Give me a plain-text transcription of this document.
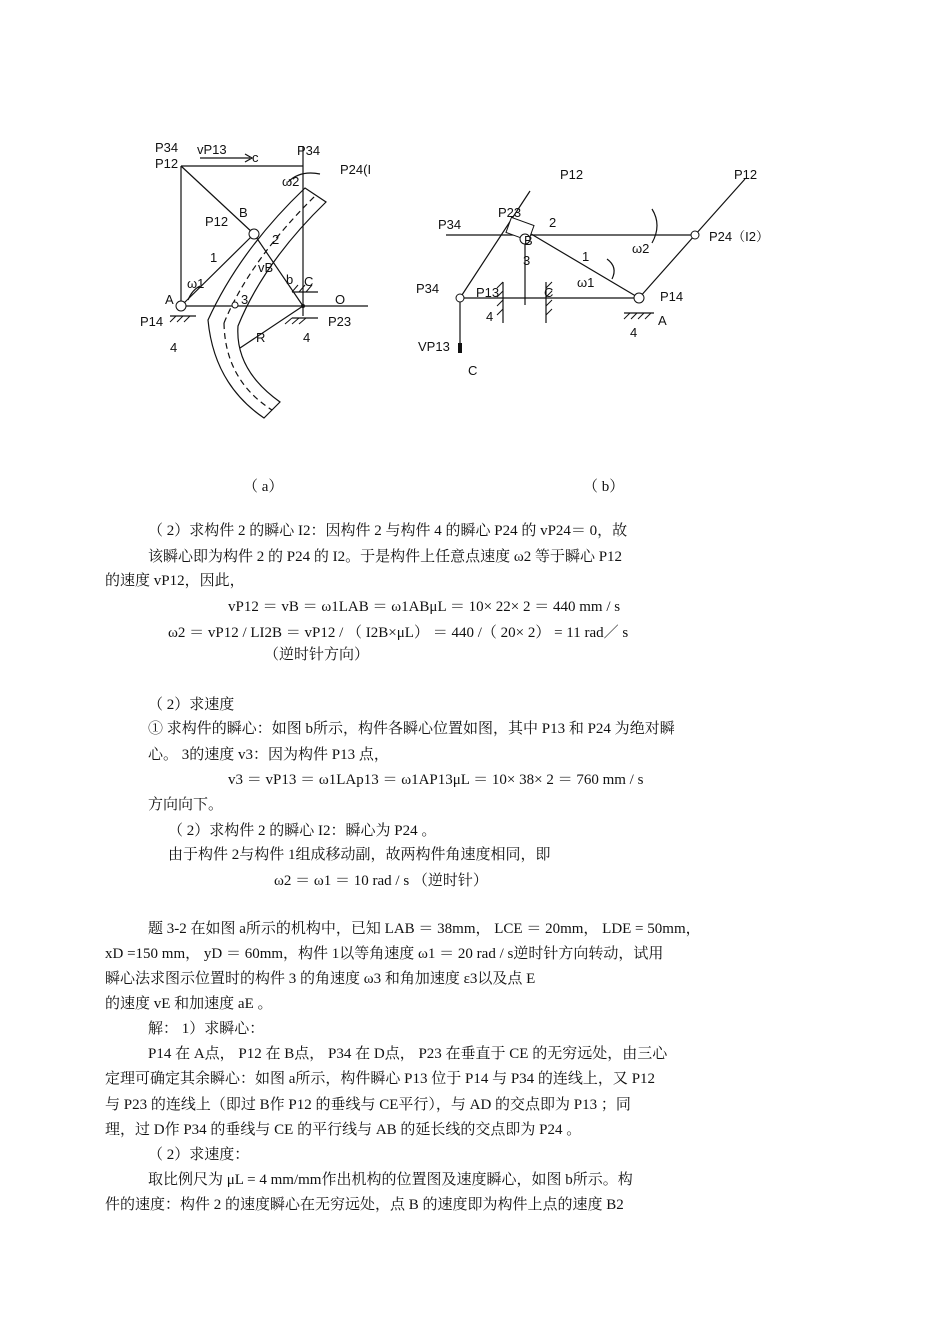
P34
P12
vP13
c	P34
P24(I
ω2
P12
B
2
1
vB
b C
ω1
A	3	O
P14	P23
R
4
4
P12	P12
P23
2
P34
B
3
ω2
P24（I2）
1
ω1
P34	P13	C	P14
A
4
4
VP13
C
（ a）	（ b）
（ 2）求构件 2 的瞬心 I2：因构件 2 与构件 4 的瞬心 P24 的 vP24＝ 0，故
该瞬心即为构件 2 的 P24 的 I2。于是构件上任意点速度 ω2 等于瞬心 P12
的速度 vP12，因此，
vP12 ＝ vB ＝ ω1LAB ＝ ω1ABμL ＝ 10× 22× 2 ＝ 440 mm / s
ω2 ＝ vP12 / LI2B ＝ vP12 / （ I2B×μL） ＝ 440 /（ 20× 2） = 11 rad／ s
（逆时针方向）
（ 2）求速度
① 求构件的瞬心：如图 b所示，构件各瞬心位置如图，其中 P13 和 P24 为绝对瞬
心。 3的速度 v3：因为构件 P13 点，
v3 ＝ vP13 ＝ ω1LAp13 ＝ ω1AP13μL ＝ 10× 38× 2 ＝ 760 mm / s
方向向下。
（ 2）求构件 2 的瞬心 I2：瞬心为 P24 。
由于构件 2与构件 1组成移动副，故两构件角速度相同，即
ω2 ＝ ω1 ＝ 10 rad / s （逆时针）
题 3-2 在如图 a所示的机构中，已知 LAB ＝ 38mm， LCE ＝ 20mm， LDE = 50mm，
xD =150 mm， yD ＝ 60mm，构件 1以等角速度 ω1 ＝ 20 rad / s逆时针方向转动，试用
瞬心法求图示位置时的构件 3 的角速度 ω3 和角加速度 ε3以及点 E
的速度 vE 和加速度 aE 。
解： 1）求瞬心：
P14 在 A点， P12 在 B点， P34 在 D点， P23 在垂直于 CE 的无穷远处，由三心
定理可确定其余瞬心：如图 a所示，构件瞬心 P13 位于 P14 与 P34 的连线上，又 P12
与 P23 的连线上（即过 B作 P12 的垂线与 CE平行），与 AD 的交点即为 P13 ；同
理，过 D作 P34 的垂线与 CE 的平行线与 AB 的延长线的交点即为 P24 。
（ 2）求速度：
取比例尺为 μL = 4 mm/mm作出机构的位置图及速度瞬心，如图 b所示。构
件的速度：构件 2 的速度瞬心在无穷远处，点 B 的速度即为构件上点的速度 B2
